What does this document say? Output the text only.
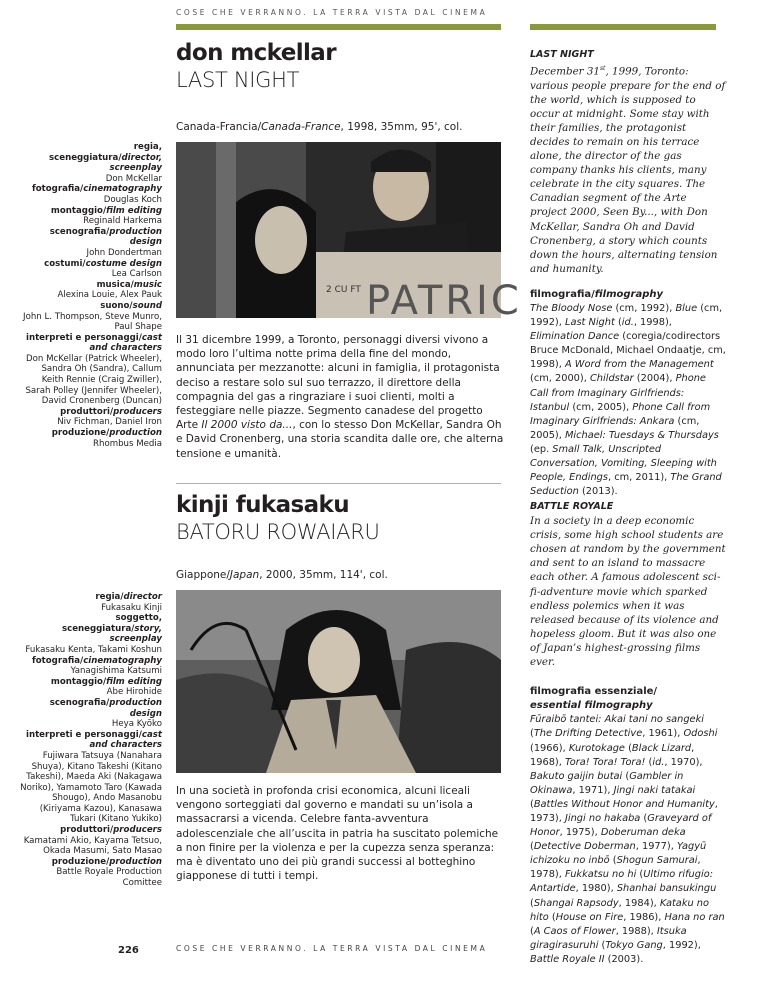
COSE CHE VERRANNO. LA TERRA VISTA DAL CINEMA
don mckellar
LAST NIGHT
Canada-Francia/Canada-France, 1998, 35mm, 95', col.
regia, sceneggiatura/director, screenplay
Don McKellar
fotografia/cinematography
Douglas Koch
montaggio/film editing
Reginald Harkema
scenografia/production design
John Dondertman
costumi/costume design
Lea Carlson
musica/music
Alexina Louie, Alex Pauk
suono/sound
John L. Thompson, Steve Munro, Paul Shape
interpreti e personaggi/cast and characters
Don McKellar (Patrick Wheeler), Sandra Oh (Sandra), Callum Keith Rennie (Craig Zwiller), Sarah Polley (Jennifer Wheeler), David Cronenberg (Duncan)
produttori/producers
Niv Fichman, Daniel Iron
produzione/production
Rhombus Media
2 CU FT PATRIC
Il 31 dicembre 1999, a Toronto, personaggi diversi vivono a modo loro l’ultima notte prima della fine del mondo, annunciata per mezzanotte: alcuni in famiglia, il protagonista deciso a restare solo sul suo terrazzo, il direttore della compagnia del gas a ringraziare i suoi clienti, molti a festeggiare nelle piazze. Segmento canadese del progetto Arte Il 2000 visto da..., con lo stesso Don McKellar, Sandra Oh e David Cronenberg, una storia scandita dalle ore, che alterna tensione e umanità.
LAST NIGHT
December 31st, 1999, Toronto: various people prepare for the end of the world, which is supposed to occur at midnight. Some stay with their families, the protagonist decides to remain on his terrace alone, the director of the gas company thanks his clients, many celebrate in the city squares. The Canadian segment of the Arte project 2000, Seen By..., with Don McKellar, Sandra Oh and David Cronenberg, a story which counts down the hours, alternating tension and humanity.
filmografia/filmography
The Bloody Nose (cm, 1992), Blue (cm, 1992), Last Night (id., 1998), Elimination Dance (coregia/codirectors Bruce McDonald, Michael Ondaatje, cm, 1998), A Word from the Management (cm, 2000), Childstar (2004), Phone Call from Imaginary Girlfriends: Istanbul (cm, 2005), Phone Call from Imaginary Girlfriends: Ankara (cm, 2005), Michael: Tuesdays & Thursdays (ep. Small Talk, Unscripted Conversation, Vomiting, Sleeping with People, Endings, cm, 2011), The Grand Seduction (2013).
kinji fukasaku
BATORU ROWAIARU
Giappone/Japan, 2000, 35mm, 114', col.
regia/director
Fukasaku Kinji
soggetto, sceneggiatura/story, screenplay
Fukasaku Kenta, Takami Koshun
fotografia/cinematography
Yanagishima Katsumi
montaggio/film editing
Abe Hirohide
scenografia/production design
Heya Kyōko
interpreti e personaggi/cast and characters
Fujiwara Tatsuya (Nanahara Shuya), Kitano Takeshi (Kitano Takeshi), Maeda Aki (Nakagawa Noriko), Yamamoto Taro (Kawada Shougo), Ando Masanobu (Kiriyama Kazou), Kanasawa Tukari (Kitano Yukiko)
produttori/producers
Kamatami Akio, Kayama Tetsuo, Okada Masumi, Sato Masao
produzione/production
Battle Royale Production Comittee
In una società in profonda crisi economica, alcuni liceali vengono sorteggiati dal governo e mandati su un’isola a massacrarsi a vicenda. Celebre fanta-avventura adolescenziale che all’uscita in patria ha suscitato polemiche a non finire per la violenza e per la cupezza senza speranza: ma è diventato uno dei più grandi successi al botteghino giapponese di tutti i tempi.
BATTLE ROYALE
In a society in a deep economic crisis, some high school students are chosen at random by the government and sent to an island to massacre each other. A famous adolescent sci-fi-adventure movie which sparked endless polemics when it was released because of its violence and hopeless gloom. But it was also one of Japan’s highest-grossing films ever.
filmografia essenziale/
essential filmography
Fūraibō tantei: Akai tani no sangeki (The Drifting Detective, 1961), Odoshi (1966), Kurotokage (Black Lizard, 1968), Tora! Tora! Tora! (id., 1970), Bakuto gaijin butai (Gambler in Okinawa, 1971), Jingi naki tatakai (Battles Without Honor and Humanity, 1973), Jingi no hakaba (Graveyard of Honor, 1975), Doberuman deka (Detective Doberman, 1977), Yagyū ichizoku no inbō (Shogun Samurai, 1978), Fukkatsu no hi (Ultimo rifugio: Antartide, 1980), Shanhai bansukingu (Shangai Rapsody, 1984), Kataku no hito (House on Fire, 1986), Hana no ran (A Caos of Flower, 1988), Itsuka giragirasuruhi (Tokyo Gang, 1992), Battle Royale II (2003).
226	COSE CHE VERRANNO. LA TERRA VISTA DAL CINEMA
